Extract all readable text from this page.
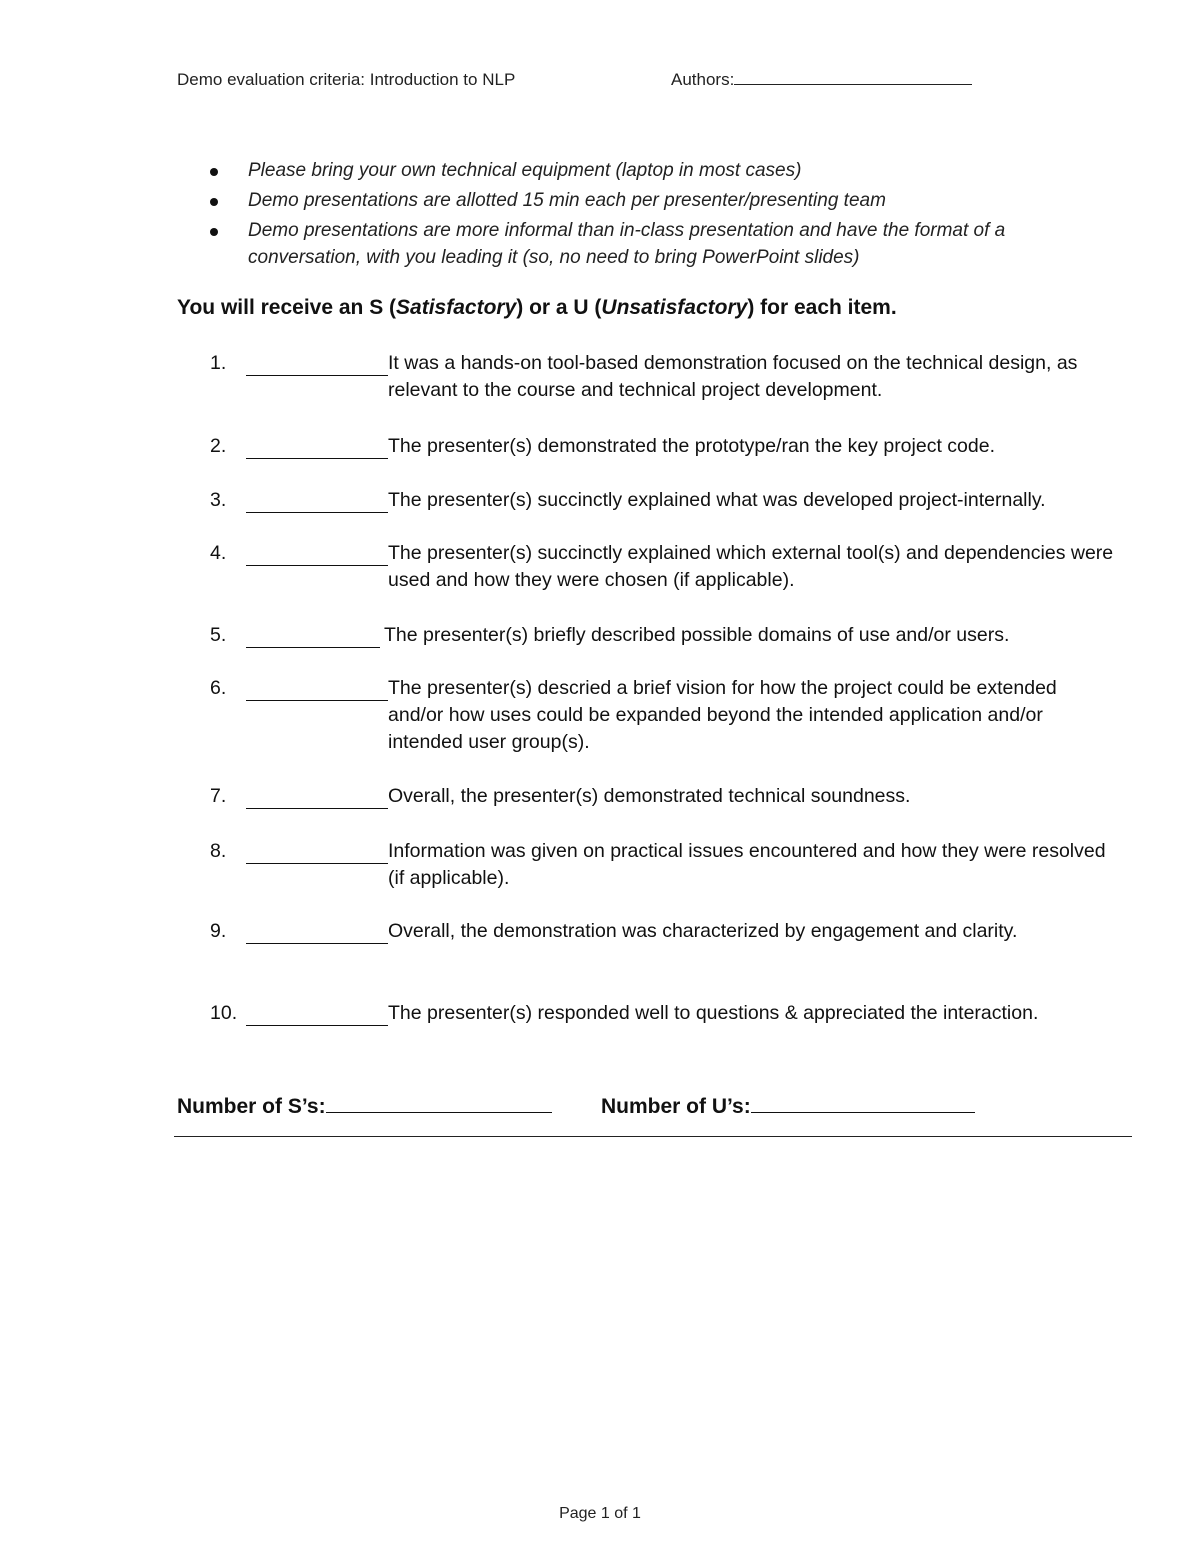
Demo evaluation criteria: Introduction to NLP	Authors:
Please bring your own technical equipment (laptop in most cases)
Demo presentations are allotted 15 min each per presenter/presenting team
Demo presentations are more informal than in-class presentation and have the format of a conversation, with you leading it (so, no need to bring PowerPoint slides)
You will receive an S (Satisfactory) or a U (Unsatisfactory) for each item.
1.	It was a hands-on tool-based demonstration focused on the technical design, as relevant to the course and technical project development.
2.	The presenter(s) demonstrated the prototype/ran the key project code.
3.	The presenter(s) succinctly explained what was developed project-internally.
4.	The presenter(s) succinctly explained which external tool(s) and dependencies were used and how they were chosen (if applicable).
5.	The presenter(s) briefly described possible domains of use and/or users.
6.	The presenter(s) descried a brief vision for how the project could be extended and/or how uses could be expanded beyond the intended application and/or intended user group(s).
7.	Overall, the presenter(s) demonstrated technical soundness.
8.	Information was given on practical issues encountered and how they were resolved (if applicable).
9.	Overall, the demonstration was characterized by engagement and clarity.
10.	The presenter(s) responded well to questions & appreciated the interaction.
Number of S’s:	Number of U’s:
Page 1 of 1
